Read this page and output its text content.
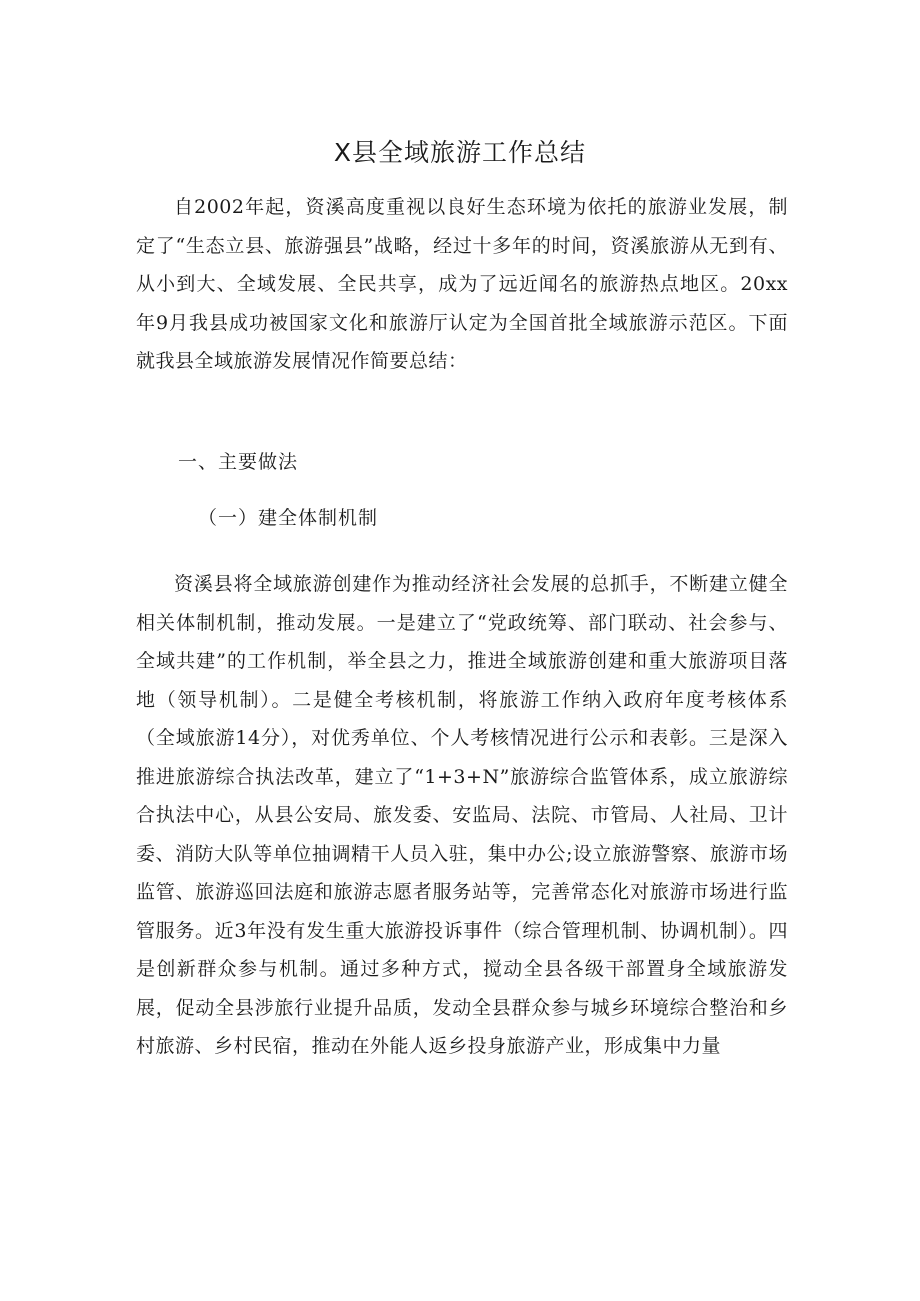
X县全域旅游工作总结

自2002年起，资溪高度重视以良好生态环境为依托的旅游业发展，制定了“生态立县、旅游强县”战略，经过十多年的时间，资溪旅游从无到有、从小到大、全域发展、全民共享，成为了远近闻名的旅游热点地区。20xx年9月我县成功被国家文化和旅游厅认定为全国首批全域旅游示范区。下面就我县全域旅游发展情况作简要总结：

一、主要做法

（一）建全体制机制

资溪县将全域旅游创建作为推动经济社会发展的总抓手，不断建立健全相关体制机制，推动发展。一是建立了“党政统筹、部门联动、社会参与、全域共建”的工作机制，举全县之力，推进全域旅游创建和重大旅游项目落地（领导机制）。二是健全考核机制，将旅游工作纳入政府年度考核体系（全域旅游14分），对优秀单位、个人考核情况进行公示和表彰。三是深入推进旅游综合执法改革，建立了“1+3+N”旅游综合监管体系，成立旅游综合执法中心，从县公安局、旅发委、安监局、法院、市管局、人社局、卫计委、消防大队等单位抽调精干人员入驻，集中办公;设立旅游警察、旅游市场监管、旅游巡回法庭和旅游志愿者服务站等，完善常态化对旅游市场进行监管服务。近3年没有发生重大旅游投诉事件（综合管理机制、协调机制）。四是创新群众参与机制。通过多种方式，搅动全县各级干部置身全域旅游发展，促动全县涉旅行业提升品质，发动全县群众参与城乡环境综合整治和乡村旅游、乡村民宿，推动在外能人返乡投身旅游产业，形成集中力量
